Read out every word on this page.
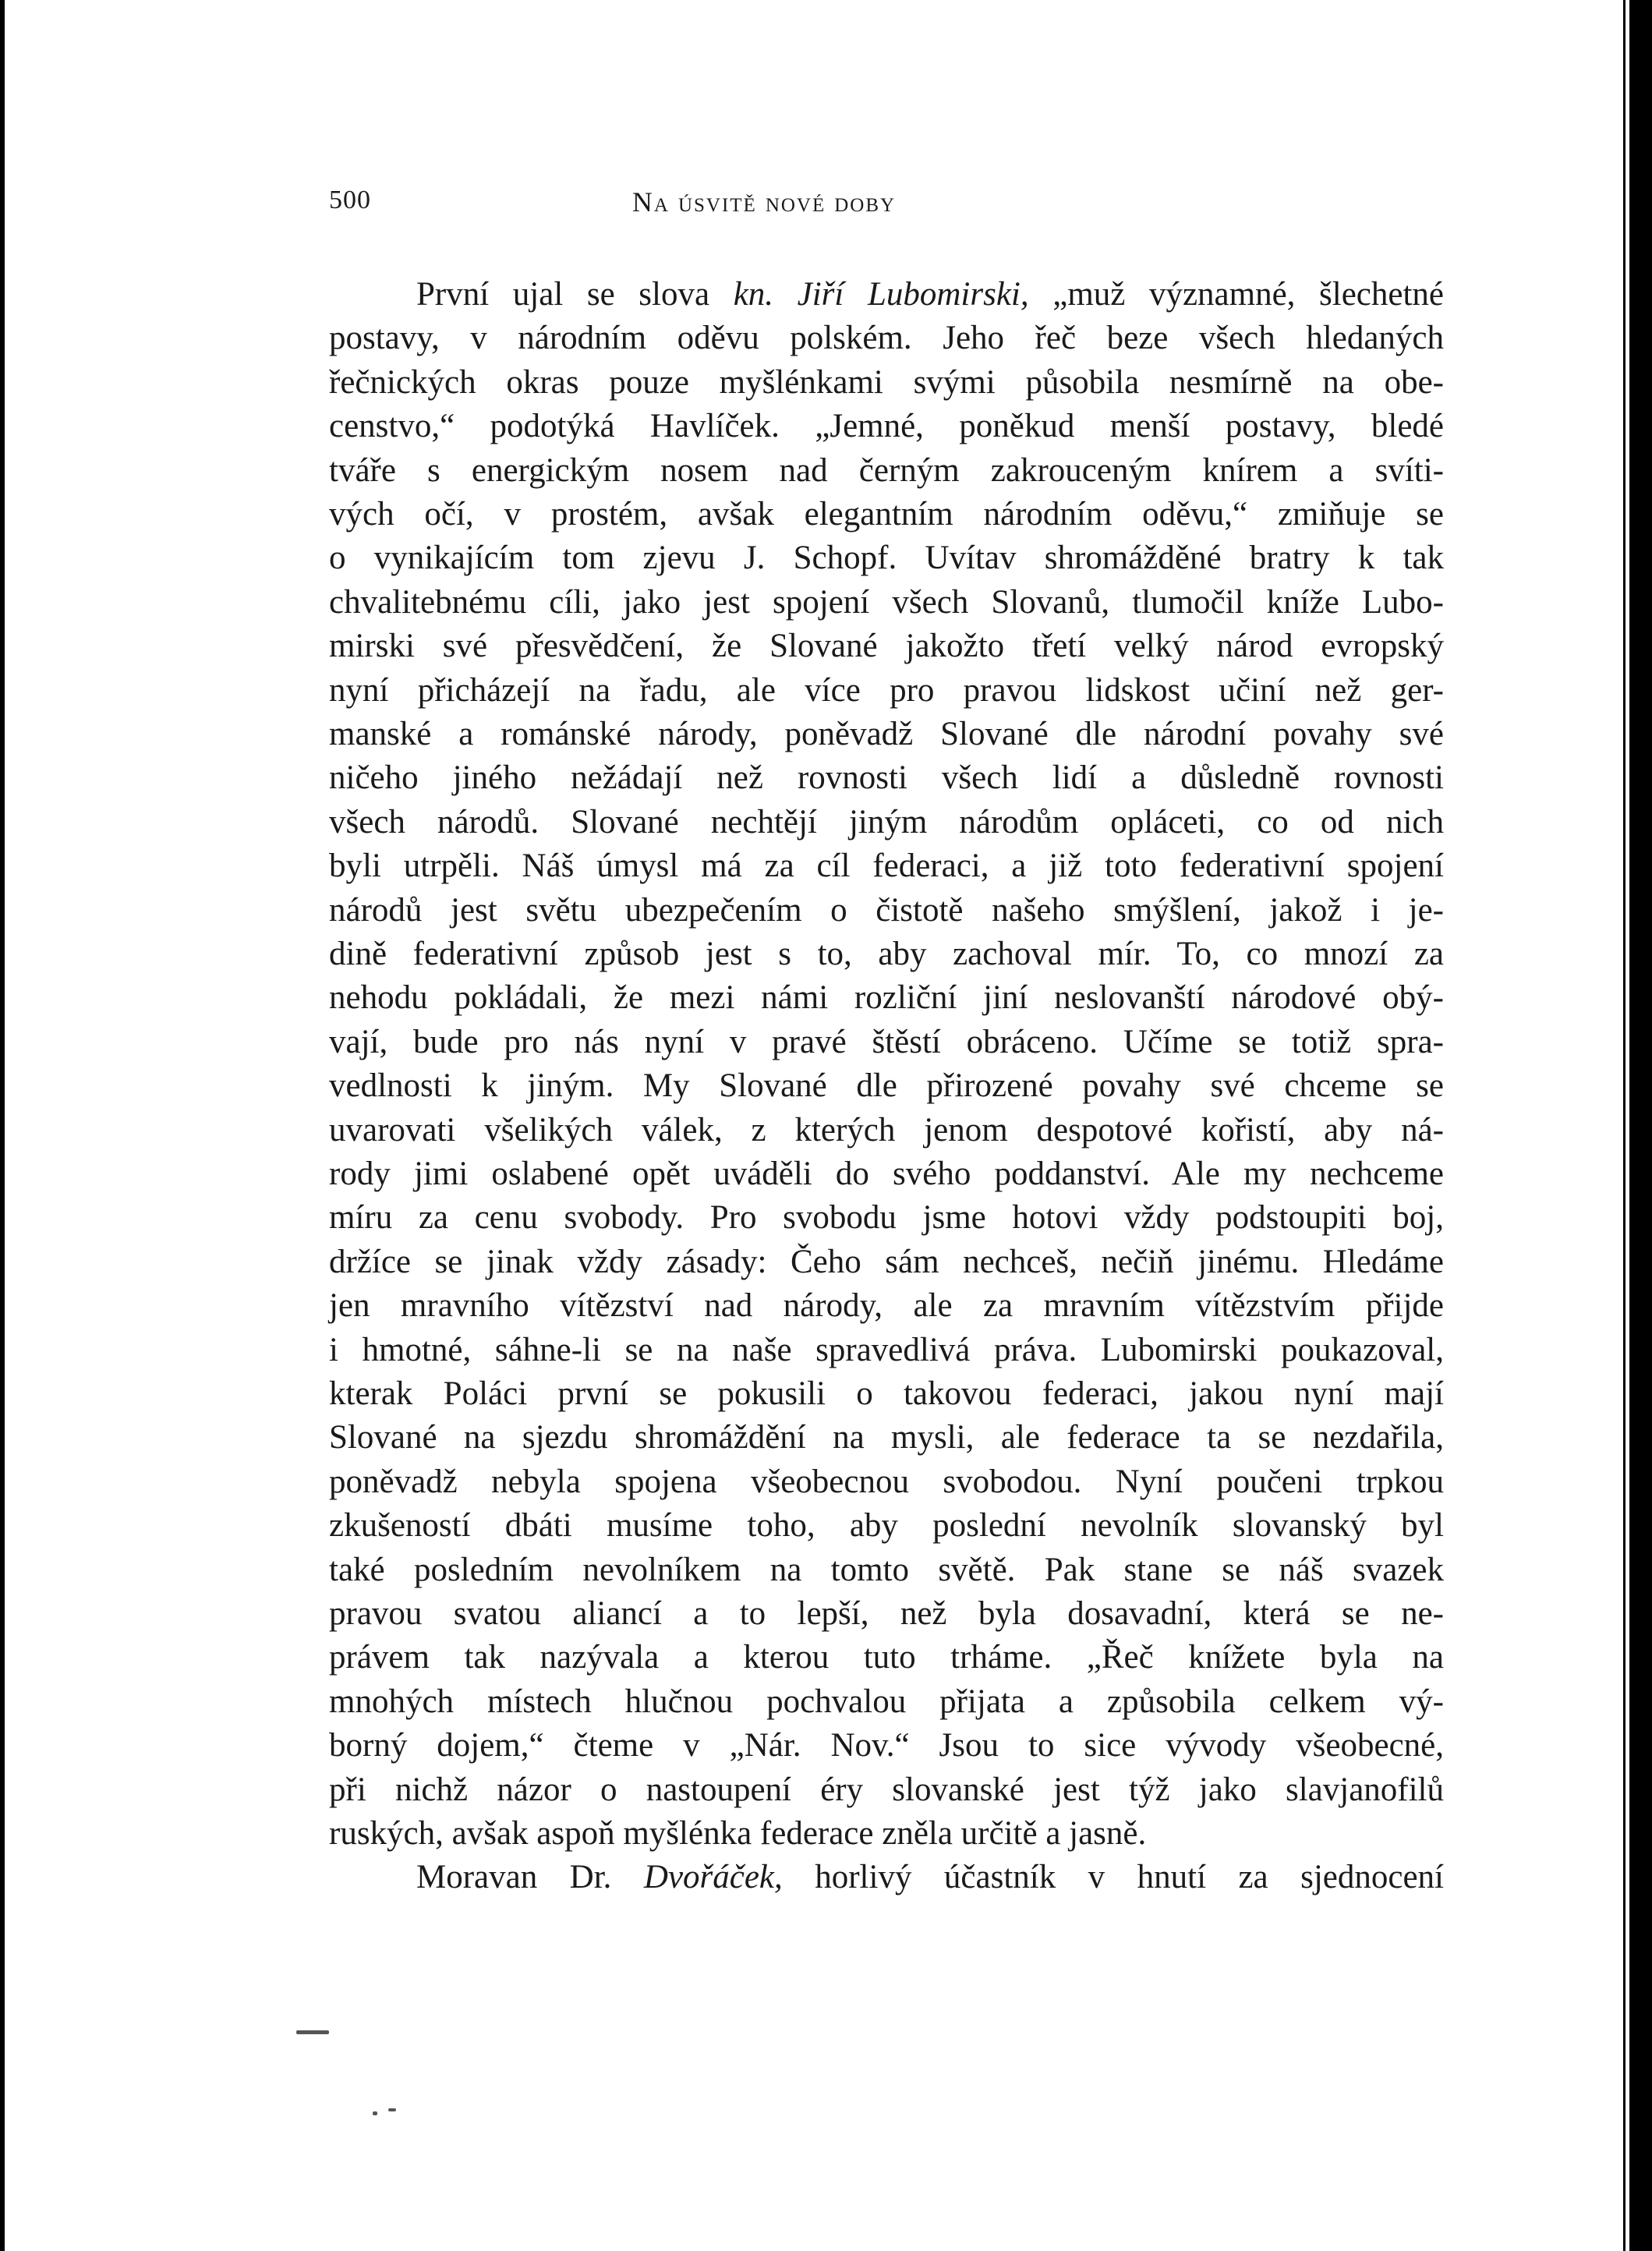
500	Na úsvitě nové doby
První ujal se slova kn. Jiří Lubomirski, „muž významné, šlechetné
postavy, v národním oděvu polském. Jeho řeč beze všech hledaných
řečnických okras pouze myšlénkami svými působila nesmírně na obe-
censtvo,“ podotýká Havlíček. „Jemné, poněkud menší postavy, bledé
tváře s energickým nosem nad černým zakrouceným knírem a svíti-
vých očí, v prostém, avšak elegantním národním oděvu,“ zmiňuje se
o vynikajícím tom zjevu J. Schopf. Uvítav shromážděné bratry k tak
chvalitebnému cíli, jako jest spojení všech Slovanů, tlumočil kníže Lubo-
mirski své přesvědčení, že Slované jakožto třetí velký národ evropský
nyní přicházejí na řadu, ale více pro pravou lidskost učiní než ger-
manské a románské národy, poněvadž Slované dle národní povahy své
ničeho jiného nežádají než rovnosti všech lidí a důsledně rovnosti
všech národů. Slované nechtějí jiným národům opláceti, co od nich
byli utrpěli. Náš úmysl má za cíl federaci, a již toto federativní spojení
národů jest světu ubezpečením o čistotě našeho smýšlení, jakož i je-
dině federativní způsob jest s to, aby zachoval mír. To, co mnozí za
nehodu pokládali, že mezi námi rozliční jiní neslovanští národové obý-
vají, bude pro nás nyní v pravé štěstí obráceno. Učíme se totiž spra-
vedlnosti k jiným. My Slované dle přirozené povahy své chceme se
uvarovati všelikých válek, z kterých jenom despotové kořistí, aby ná-
rody jimi oslabené opět uváděli do svého poddanství. Ale my nechceme
míru za cenu svobody. Pro svobodu jsme hotovi vždy podstoupiti boj,
držíce se jinak vždy zásady: Čeho sám nechceš, nečiň jinému. Hledáme
jen mravního vítězství nad národy, ale za mravním vítězstvím přijde
i hmotné, sáhne-li se na naše spravedlivá práva. Lubomirski poukazoval,
kterak Poláci první se pokusili o takovou federaci, jakou nyní mají
Slované na sjezdu shromáždění na mysli, ale federace ta se nezdařila,
poněvadž nebyla spojena všeobecnou svobodou. Nyní poučeni trpkou
zkušeností dbáti musíme toho, aby poslední nevolník slovanský byl
také posledním nevolníkem na tomto světě. Pak stane se náš svazek
pravou svatou aliancí a to lepší, než byla dosavadní, která se ne-
právem tak nazývala a kterou tuto trháme. „Řeč knížete byla na
mnohých místech hlučnou pochvalou přijata a způsobila celkem vý-
borný dojem,“ čteme v „Nár. Nov.“ Jsou to sice vývody všeobecné,
při nichž názor o nastoupení éry slovanské jest týž jako slavjanofilů
ruských, avšak aspoň myšlénka federace zněla určitě a jasně.
Moravan Dr. Dvořáček, horlivý účastník v hnutí za sjednocení
